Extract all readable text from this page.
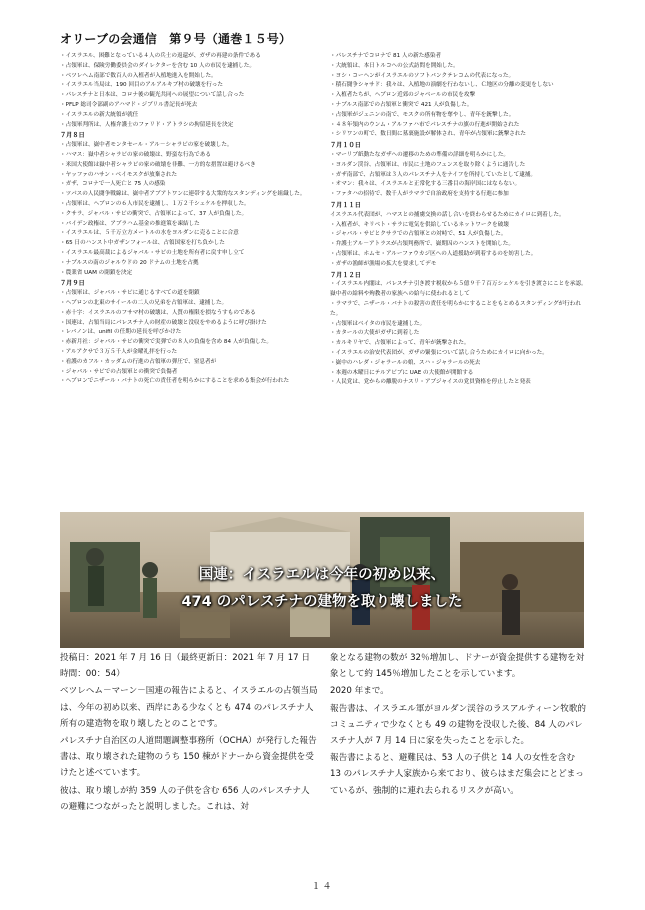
オリーブの会通信　第９号（通巻１５号）
・イスラエル、困難となっている４人の兵士の返還が、ガザの再建の条件である
・占領軍は、保険労働委員会のダイレクターを含む 10 人の市民を逮捕した。
・ベツレヘム南部で数百人の入植者が入植地進入を開始した。
・イスラエル当局は、190 回目のアルアルキブ村の破壊を行った
・パレスチナと日本は、コロナ後の観光共同への展望について話し合った
・PFLP 総司令部副のアハマド・ジブリル書記長が死去
・イスラエルの新大統領が就任
・占領軍判所は、人権弁護士のファリド・アトラシの拘留延長を決定
７月８日
・占領軍は、嶽中者モンタセール・アル－シャラビの家を破壊した。
・ハマス：嶽中者シャラビの家の破壊は、野蛮な行為である
・米国大使館は嶽中者シャラビの家の破壊を非難、一方的な措置は避けるべき
・ヤッファのハサン・ベイモスクが放棄された
・ガザ、コロナで一人死亡と 75 人の感染
・ツパスの人民闘争戦線は、嶽中者アブアトワンに連帯する大衆的なスタンディングを組織した。
・占領軍は、ヘブロンの６人市民を逮捕し、１万２千シェケルを押収した。
・クサラ、ジャバル・サビの衝突で、占領軍によって、37 人が負傷した。
・バイデン政権は、アブラハム基金の推進策を凍結した
・イスラエルは、５千万立方メートルの水をヨルダンに売ることに合意
・65 日のハンスト中ガザンフォールは、占領国家を打ち負かした
・イスラエル最高裁によるジャバル・サビの土地を所有者に戻す申し立て
・ナブルスの南のジャルウドの 20 ドナムの土地を占拠
・農業省 UAM の閉鎖を決定
７月９日
・占領軍は、ジャバル・サビに通じるすべての道を閉鎖
・ヘブロンの北東のサイールの二人の兄弟を占領軍は、逮捕した。
・赤十字：イスラエルのフサマ村の破壊は、人質の権限を損なうすものである
・国連は、占領当局にパレスチナ人の財産の破壊と没収をやめるように呼び掛けた
・レバノンは、unifil の任期の延長を呼びかけた
・赤新月社：ジャバル・サビの衝突で実弾での８人の負傷を含め 84 人が負傷した。
・アルアクサで３万５千人が金曜礼拝を行った
・看護のカフル・カッダムの行進の占領軍の弾圧で、窒息者が
・ジャバル・サビでの占領軍との衝突で負傷者
・ヘブロンでニザール・バナトの死亡の責任者を明らかにすることを求める集会が行われた
・パレスチナでコロナで 81 人の新た感染者
・大統領は、本日トルコへの公式訪問を開始した。
・ヨシ・コーヘンがイスラエルのソフトバンクテレコムの代表になった。
・積石闘争シャサド：我々は、入植地の演劇を行わないし、Ｃ地区の分離の変更をしない
・入植者たちが、ヘブロン近郊のジャベールの市民を攻撃
・ナブルス南部での占領軍と衝突で 421 人が負傷した。
・占領軍がジェニンの南で、モスクの所有物を奪やし、青年を銃撃した。
・４８年領内のウンム・アルファハ市でパレスチナの旗の行進が開始された
・シリワンの町で、数日間に墓裏施設が解体され、青年が占領軍に銃撃された
７月１０日
・マーリブ紙動たなガザへの遷移のための準備の詳細を明らかにした。
・ヨルダン渓谷、占領軍は、市民に土地のフェンスを取り除くように通告した
・ガザ南部で、占領軍は３人のパレスチナ人をナイフを所持していたとして逮捕。
・オマン：我々は、イスラエルと正常化する三番目の海岸国にはならない。
・ファタハの招待で、数千人がラマラで自治政府を支持する行進に参加
７月１１日
イスラエル代表団が、ハマスとの捕虜交換の話し合いを終わらせるためにカイロに到着した。
・入植者が、キリベト・サラに電気を供給しているネットワークを破壊
・ジャバル・サビとクサラでの占領軍との対峙で、51 人が負傷した。
・弁護士アル－アトラスが占領判務所で、嶽期囚のハンストを開始した。
・占領軍は、ホムセ・アルーファウカジ区への人道援助が到着するのを妨害した。
・ガザの漁師が漁場の拡大を要求してデモ
７月１２日
・イスラエル内閣は、パレスチナ引き渡す税収から５億９千７百万シェケルを引き渡さにことを承認。嶽中者の給料や殉教者の家族への給与に使われるとして
・ラマラで、ニザール・バナトの殺害の責任を明らかにすることをもとめるスタンディングが行われた。
・占領軍はベイタの市民を逮捕した。
・カタールの大使がガザに到着した
・カルキリヤで、占領軍によって、青年が銃撃された。
・イスラエルの治安代表団が、ガザの緊張について話し合うためにカイロに向かった。
・嶽中のハレダ・ジャラールの娘、スハ・ジャラールの死去
・本週の木曜日にテルアビブに UAE の大使館が開館する
・人民党は、党からの離脱のナスリ・アブジャイスの党員資格を停止したと発表
国連：イスラエルは今年の初め以来、
474 のパレスチナの建物を取り壊しました

投稿日：2021 年 7 月 16 日（最終更新日：2021 年 7 月 17 日時間：00：54）

ベツレヘム－マーン－国連の報告によると、イスラエルの占領当局は、今年の初め以来、西岸にある少なくとも 474 のパレスチナ人所有の建造物を取り壊したとのことです。

パレスチナ自治区の人道問題調整事務所（OCHA）が発行した報告書は、取り壊された建物のうち 150 棟がドナーから資金提供を受けたと述べています。

彼は、取り壊しが約 359 人の子供を含む 656 人のパレスチナ人の避難につながったと説明しました。これは、対

象となる建物の数が 32％増加し、ドナーが資金提供する建物を対象として約 145％増加したことを示しています。

2020 年まで。

報告書は、イスラエル軍がヨルダン渓谷のラスアルティーン牧歌的コミュニティで少なくとも 49 の建物を没収した後、84 人のパレスチナ人が 7 月 14 日に家を失ったことを示した。

報告書によると、避難民は、53 人の子供と 14 人の女性を含む 13 のパレスチナ人家族から来ており、彼らはまだ集会にとどまっているが、強制的に連れ去られるリスクが高い。

１４
